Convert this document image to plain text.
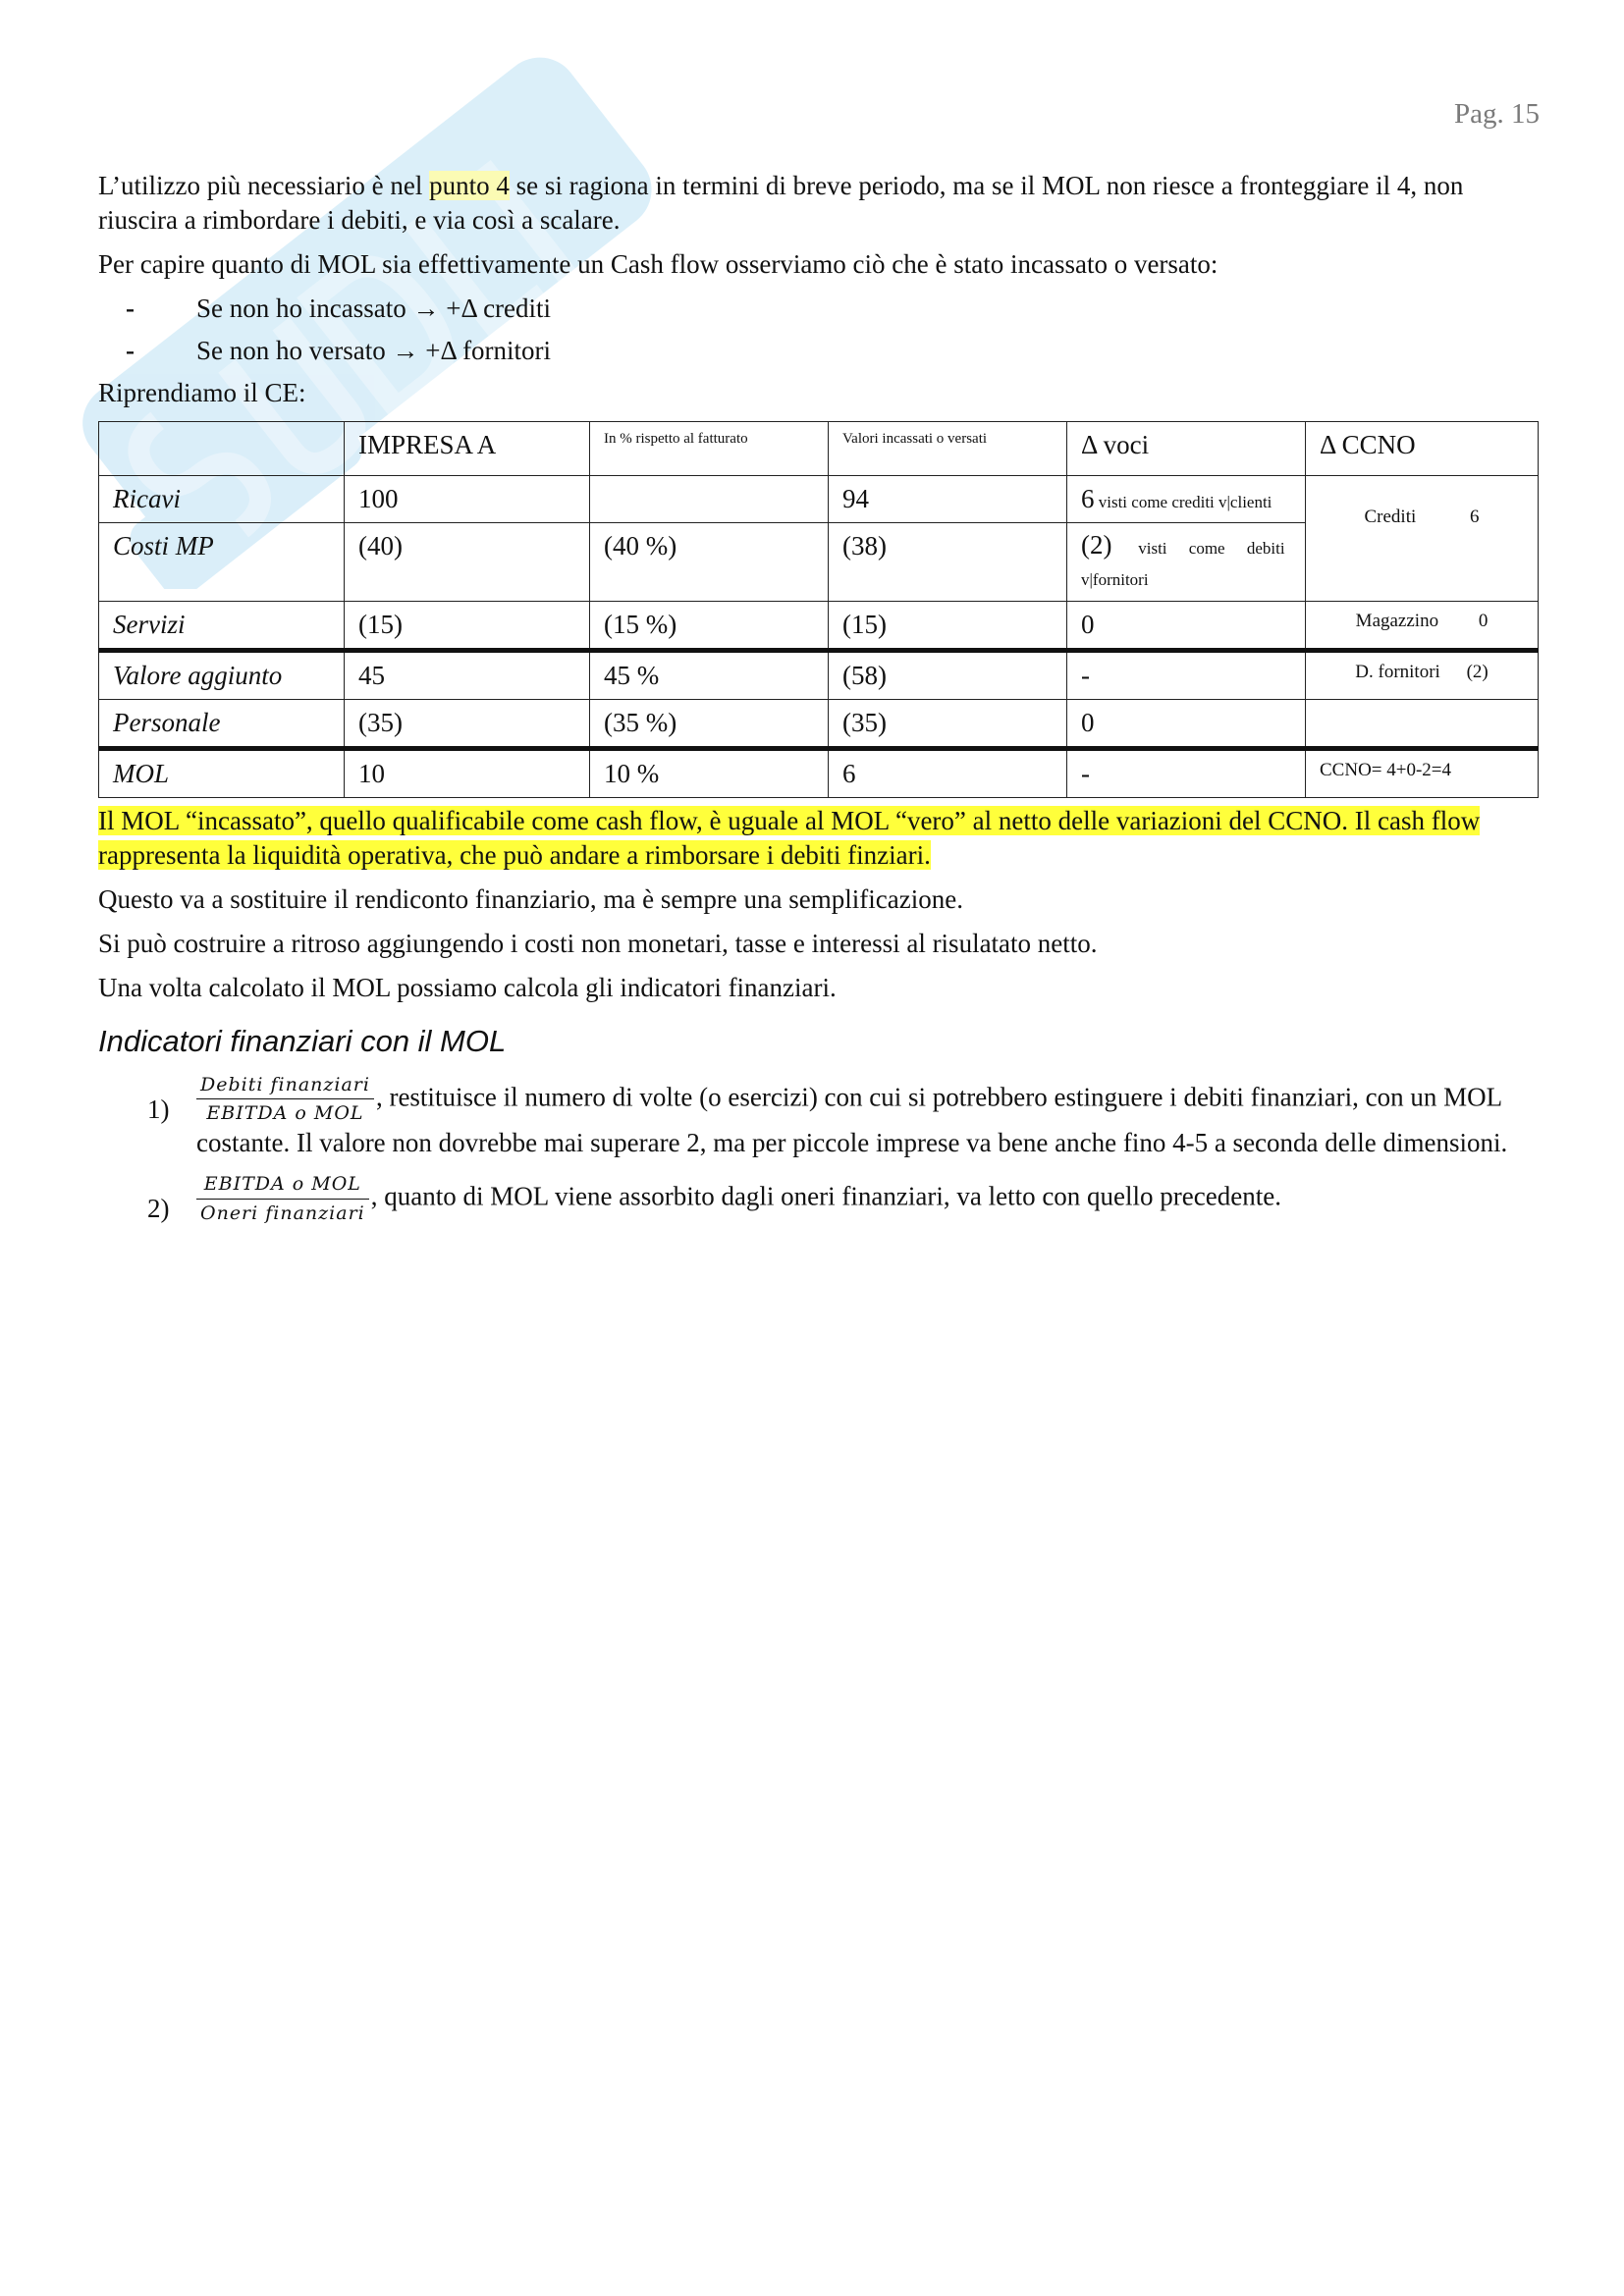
Pag. 15

L’utilizzo più necessiario è nel punto 4 se si ragiona in termini di breve periodo, ma se il MOL non riesce a fronteggiare il 4, non riuscira a rimbordare i debiti, e via così a scalare.

Per capire quanto di MOL sia effettivamente un Cash flow osserviamo ciò che è stato incassato o versato:

- Se non ho incassato → +Δ crediti
- Se non ho versato → +Δ fornitori

Riprendiamo il CE:

	IMPRESA A	In % rispetto al fatturato	Valori incassati o versati	Δ voci	Δ CCNO
Ricavi	100		94	6 visti come crediti v|clienti	Crediti 6
Costi MP	(40)	(40 %)	(38)	(2) visti come debiti v|fornitori	
Servizi	(15)	(15 %)	(15)	0	Magazzino 0
Valore aggiunto	45	45 %	(58)	-	D. fornitori (2)
Personale	(35)	(35 %)	(35)	0	
MOL	10	10 %	6	-	CCNO= 4+0-2=4

Il MOL “incassato”, quello qualificabile come cash flow, è uguale al MOL “vero” al netto delle variazioni del CCNO. Il cash flow rappresenta la liquidità operativa, che può andare a rimborsare i debiti finziari.

Questo va a sostituire il rendiconto finanziario, ma è sempre una semplificazione.

Si può costruire a ritroso aggiungendo i costi non monetari, tasse e interessi al risulatato netto.

Una volta calcolato il MOL possiamo calcola gli indicatori finanziari.

Indicatori finanziari con il MOL
$1) \frac{\text{Debiti finanziari}}{\text{EBITDA o MOL}}$ , restituisce il numero di volte (o esercizi) con cui si potrebbero estinguere i debiti finanziari, con un MOL costante. Il valore non dovrebbe mai superare 2, ma per piccole imprese va bene anche fino 4-5 a seconda delle dimensioni.
$2) \frac{\text{EBITDA o MOL}}{\text{Oneri finanziari}}$ , quanto di MOL viene assorbito dagli oneri finanziari, va letto con quello precedente.
